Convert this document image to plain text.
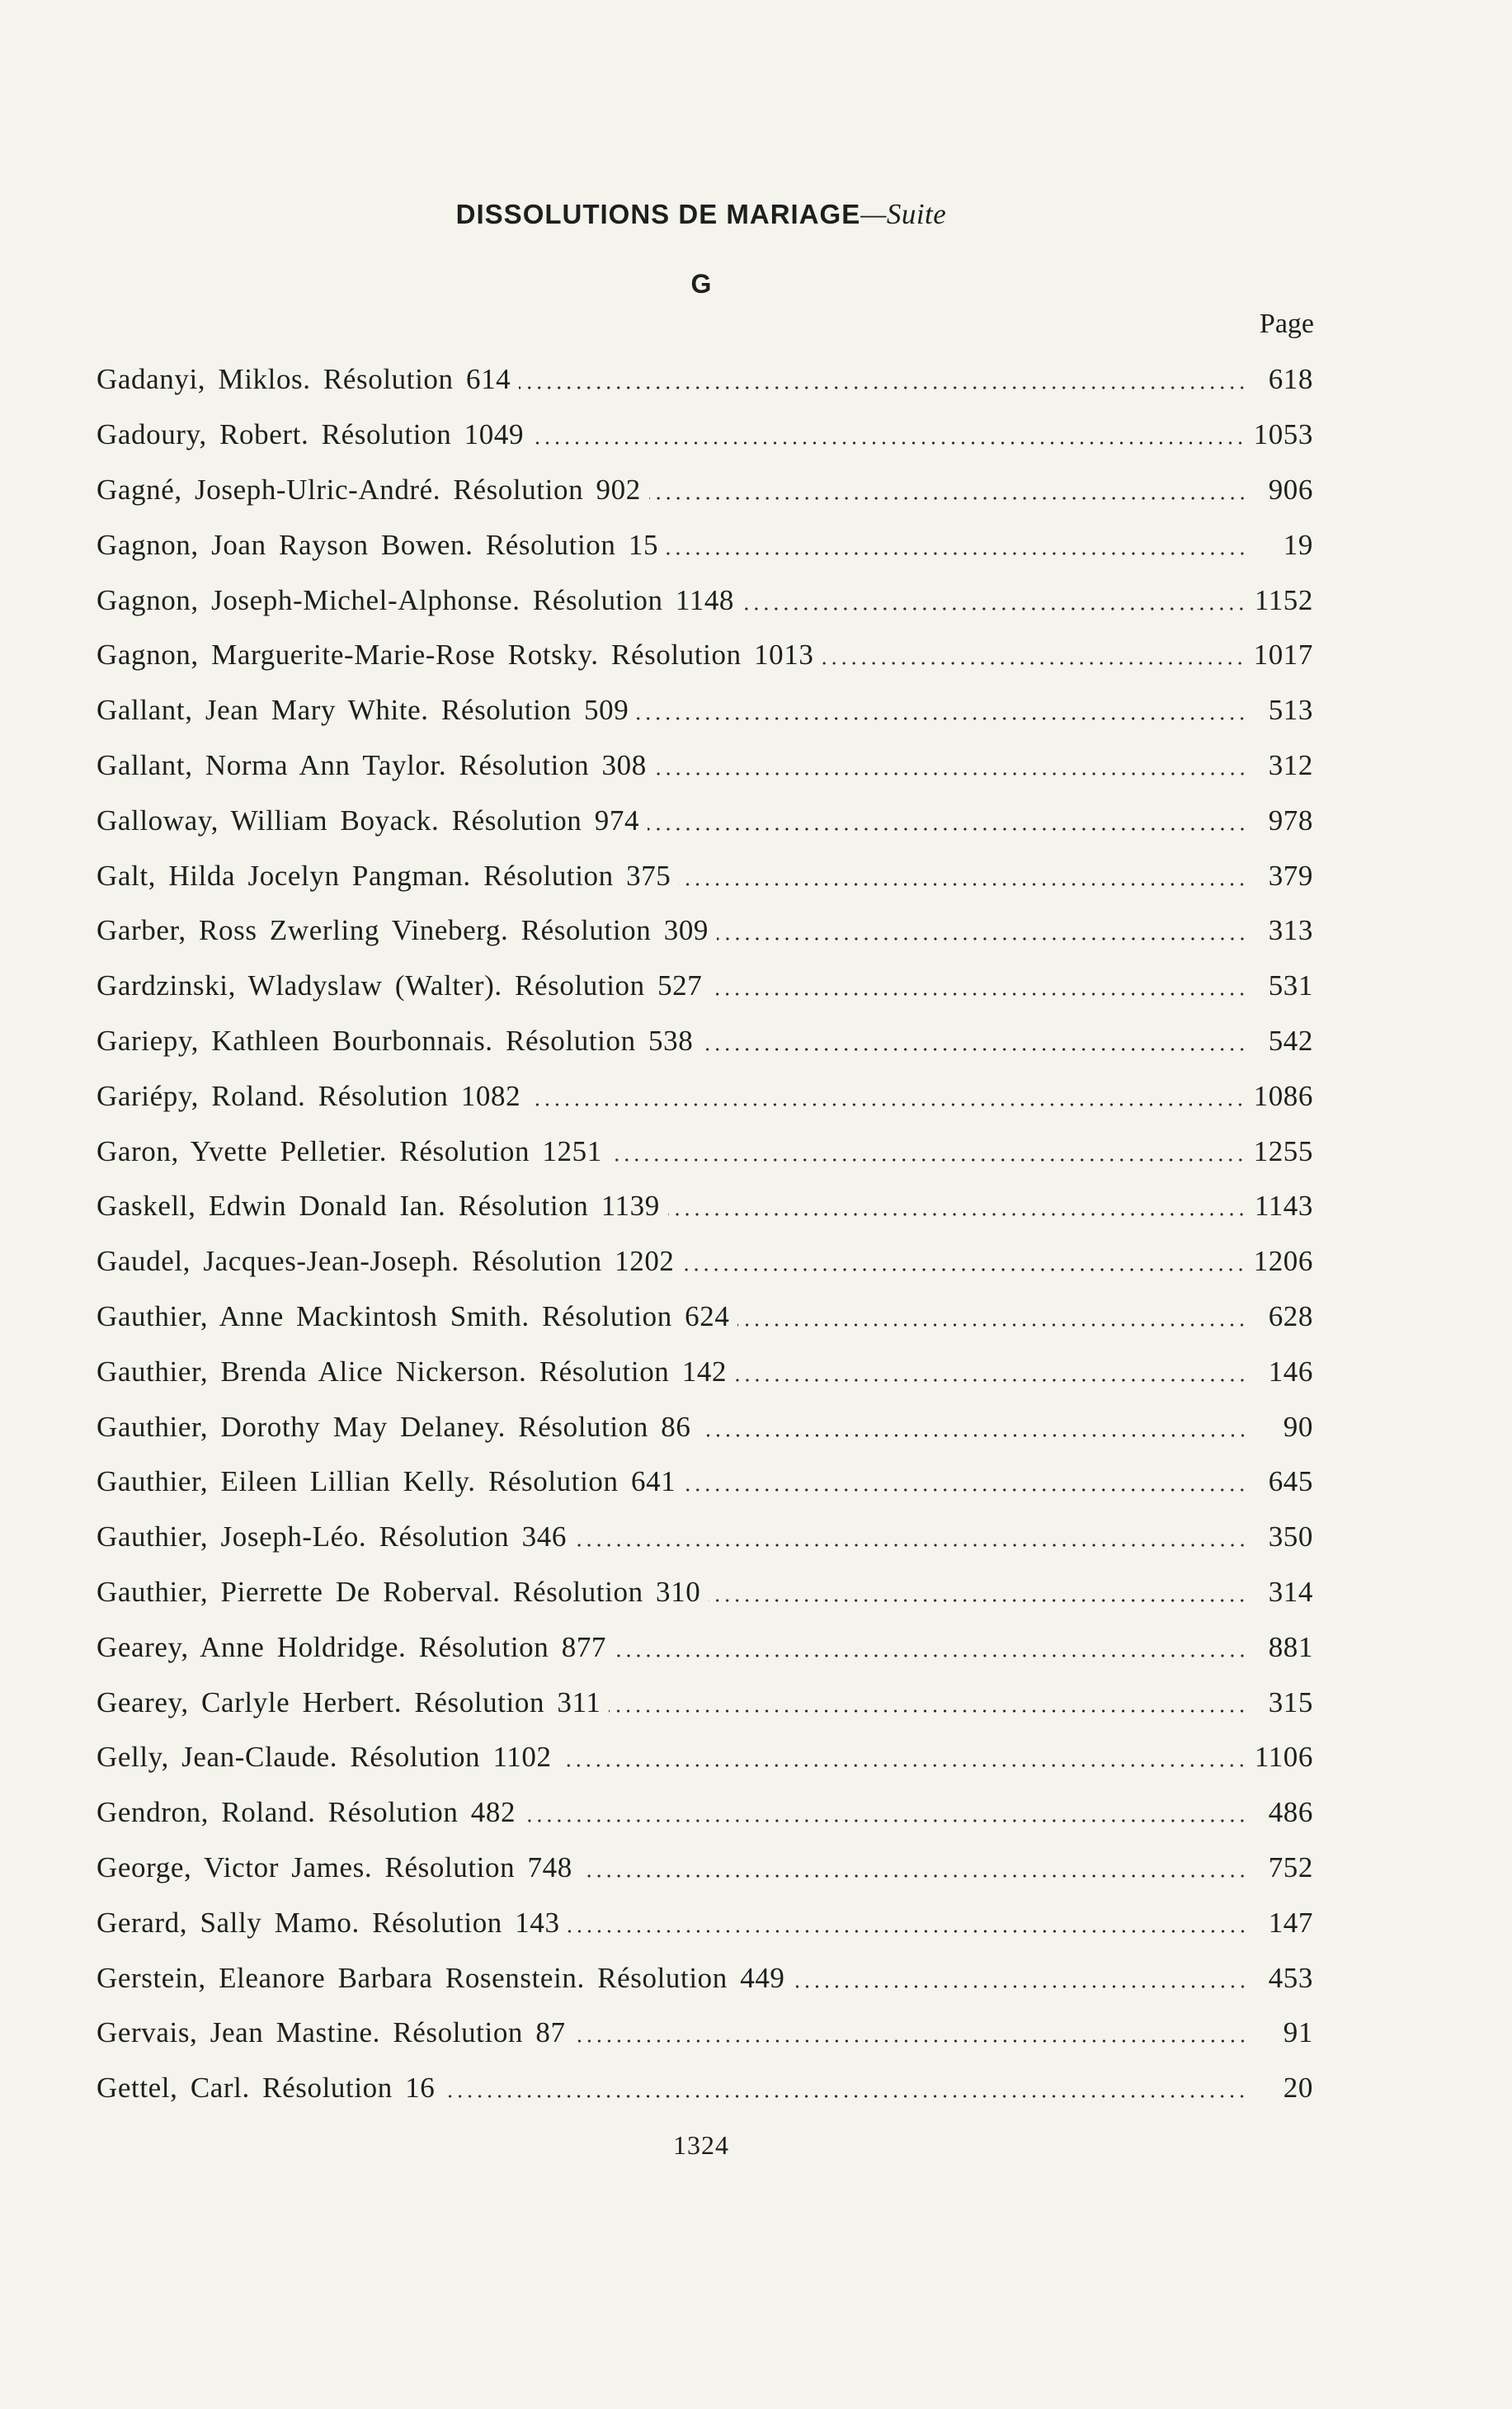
DISSOLUTIONS DE MARIAGE—Suite
G
Page
Gadanyi, Miklos. Résolution 614	618
Gadoury, Robert. Résolution 1049	1053
Gagné, Joseph-Ulric-André. Résolution 902	906
Gagnon, Joan Rayson Bowen. Résolution 15	19
Gagnon, Joseph-Michel-Alphonse. Résolution 1148	1152
Gagnon, Marguerite-Marie-Rose Rotsky. Résolution 1013	1017
Gallant, Jean Mary White. Résolution 509	513
Gallant, Norma Ann Taylor. Résolution 308	312
Galloway, William Boyack. Résolution 974	978
Galt, Hilda Jocelyn Pangman. Résolution 375	379
Garber, Ross Zwerling Vineberg. Résolution 309	313
Gardzinski, Wladyslaw (Walter). Résolution 527	531
Gariepy, Kathleen Bourbonnais. Résolution 538	542
Gariépy, Roland. Résolution 1082	1086
Garon, Yvette Pelletier. Résolution 1251	1255
Gaskell, Edwin Donald Ian. Résolution 1139	1143
Gaudel, Jacques-Jean-Joseph. Résolution 1202	1206
Gauthier, Anne Mackintosh Smith. Résolution 624	628
Gauthier, Brenda Alice Nickerson. Résolution 142	146
Gauthier, Dorothy May Delaney. Résolution 86	90
Gauthier, Eileen Lillian Kelly. Résolution 641	645
Gauthier, Joseph-Léo. Résolution 346	350
Gauthier, Pierrette De Roberval. Résolution 310	314
Gearey, Anne Holdridge. Résolution 877	881
Gearey, Carlyle Herbert. Résolution 311	315
Gelly, Jean-Claude. Résolution 1102	1106
Gendron, Roland. Résolution 482	486
George, Victor James. Résolution 748	752
Gerard, Sally Mamo. Résolution 143	147
Gerstein, Eleanore Barbara Rosenstein. Résolution 449	453
Gervais, Jean Mastine. Résolution 87	91
Gettel, Carl. Résolution 16	20
1324
